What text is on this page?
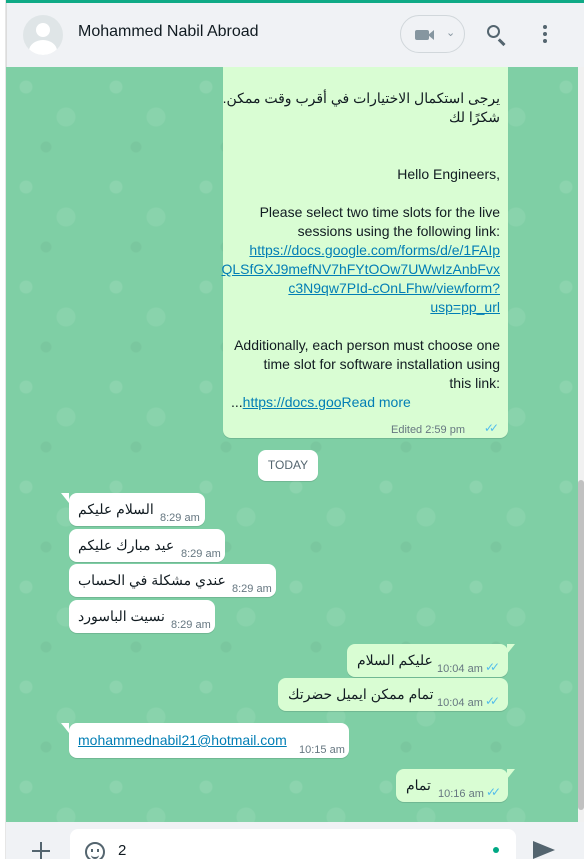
Mohammed Nabil Abroad	⌄
يرجى استكمال الاختيارات في أقرب وقت ممكن.
شكرًا لك
Hello Engineers,
Please select two time slots for the live
sessions using the following link:
https://docs.google.com/forms/d/e/1FAIp
QLSfGXJ9mefNV7hFYtOOw7UWwIzAnbFvx
c3N9qw7PId-cOnLFhw/viewform?
usp=pp_url
Additionally, each person must choose one
time slot for software installation using
this link:
...https://docs.gooRead more
Edited 2:59 pm ✓✓
TODAY
السلام عليكم
8:29 am
عيد مبارك عليكم
8:29 am
عندي مشكلة في الحساب
8:29 am
نسيت الباسورد
8:29 am
عليكم السلام
10:04 am ✓✓
تمام ممكن ايميل حضرتك
10:04 am ✓✓
mohammednabil21@hotmail.com
10:15 am
تمام
10:16 am ✓✓
2
